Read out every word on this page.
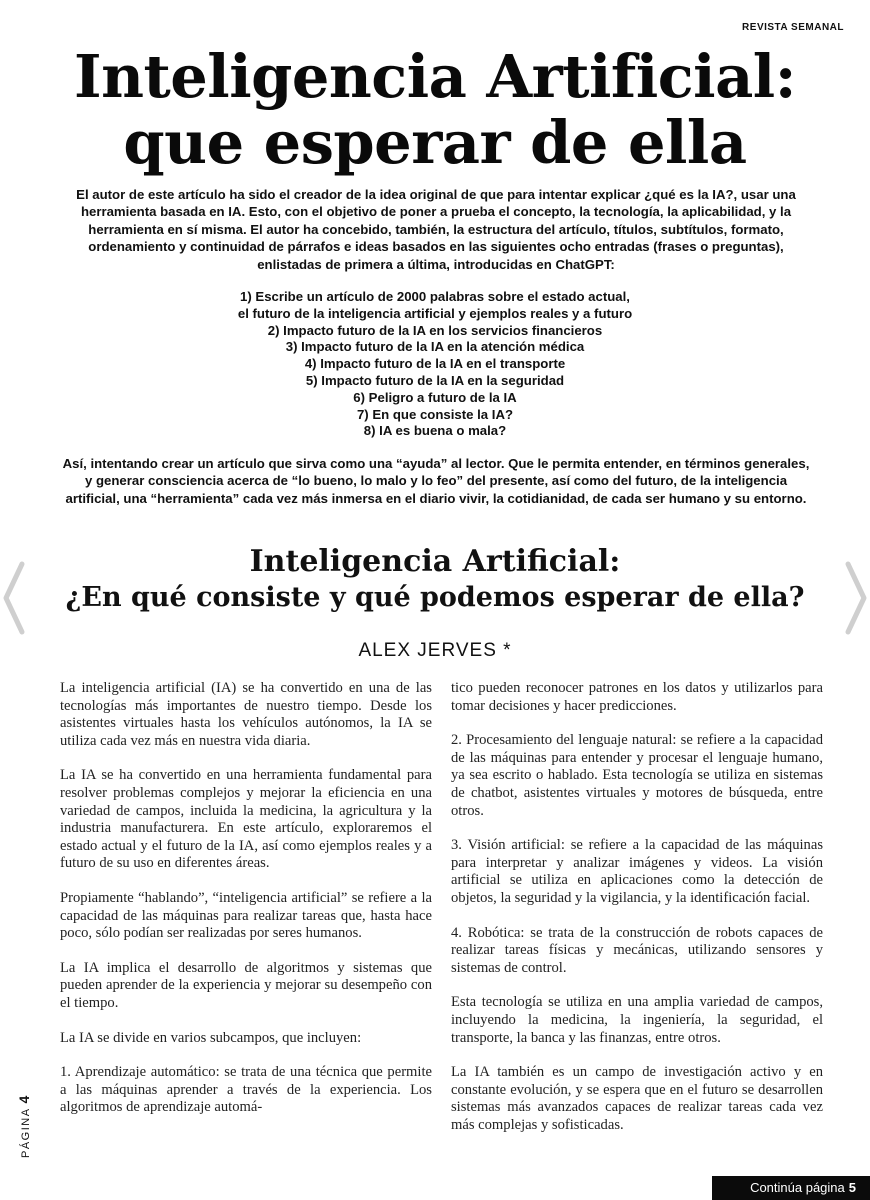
REVISTA SEMANAL
Inteligencia Artificial:
que esperar de ella
El autor de este artículo ha sido el creador de la idea original de que para intentar explicar ¿qué es la IA?, usar una herramienta basada en IA. Esto, con el objetivo de poner a prueba el concepto, la tecnología, la aplicabilidad, y la herramienta en sí misma. El autor ha concebido, también, la estructura del artículo, títulos, subtítulos, formato, ordenamiento y continuidad de párrafos e ideas basados en las siguientes ocho entradas (frases o preguntas), enlistadas de primera a última, introducidas en ChatGPT:
1) Escribe un artículo de 2000 palabras sobre el estado actual,
el futuro de la inteligencia artificial y ejemplos reales y a futuro
2) Impacto futuro de la IA en los servicios financieros
3) Impacto futuro de la IA en la atención médica
4) Impacto futuro de la IA en el transporte
5) Impacto futuro de la IA en la seguridad
6) Peligro a futuro de la IA
7) En que consiste la IA?
8) IA es buena o mala?
Así, intentando crear un artículo que sirva como una “ayuda” al lector. Que le permita entender, en términos generales, y generar consciencia acerca de “lo bueno, lo malo y lo feo” del presente, así como del futuro, de la inteligencia artificial, una “herramienta” cada vez más inmersa en el diario vivir, la cotidianidad, de cada ser humano y su entorno.
Inteligencia Artificial:
¿En qué consiste y qué podemos esperar de ella?
ALEX JERVES *

La inteligencia artificial (IA) se ha convertido en una de las tecnologías más importantes de nuestro tiempo. Desde los asistentes virtuales hasta los vehículos autónomos, la IA se utiliza cada vez más en nuestra vida diaria.

La IA se ha convertido en una herramienta fundamental para resolver problemas complejos y mejorar la eficiencia en una variedad de campos, incluida la medicina, la agricultura y la industria manufacturera. En este artículo, exploraremos el estado actual y el futuro de la IA, así como ejemplos reales y a futuro de su uso en diferentes áreas.

Propiamente “hablando”, “inteligencia artificial” se refiere a la capacidad de las máquinas para realizar tareas que, hasta hace poco, sólo podían ser realizadas por seres humanos.

La IA implica el desarrollo de algoritmos y sistemas que pueden aprender de la experiencia y mejorar su desempeño con el tiempo.

La IA se divide en varios subcampos, que incluyen:

1. Aprendizaje automático: se trata de una técnica que permite a las máquinas aprender a través de la experiencia. Los algoritmos de aprendizaje automá-

tico pueden reconocer patrones en los datos y utilizarlos para tomar decisiones y hacer predicciones.

2. Procesamiento del lenguaje natural: se refiere a la capacidad de las máquinas para entender y procesar el lenguaje humano, ya sea escrito o hablado. Esta tecnología se utiliza en sistemas de chatbot, asistentes virtuales y motores de búsqueda, entre otros.

3. Visión artificial: se refiere a la capacidad de las máquinas para interpretar y analizar imágenes y videos. La visión artificial se utiliza en aplicaciones como la detección de objetos, la seguridad y la vigilancia, y la identificación facial.

4. Robótica: se trata de la construcción de robots capaces de realizar tareas físicas y mecánicas, utilizando sensores y sistemas de control.

Esta tecnología se utiliza en una amplia variedad de campos, incluyendo la medicina, la ingeniería, la seguridad, el transporte, la banca y las finanzas, entre otros.

La IA también es un campo de investigación activo y en constante evolución, y se espera que en el futuro se desarrollen sistemas más avanzados capaces de realizar tareas cada vez más complejas y sofisticadas.

PÁGINA 4
Continúa página 5
